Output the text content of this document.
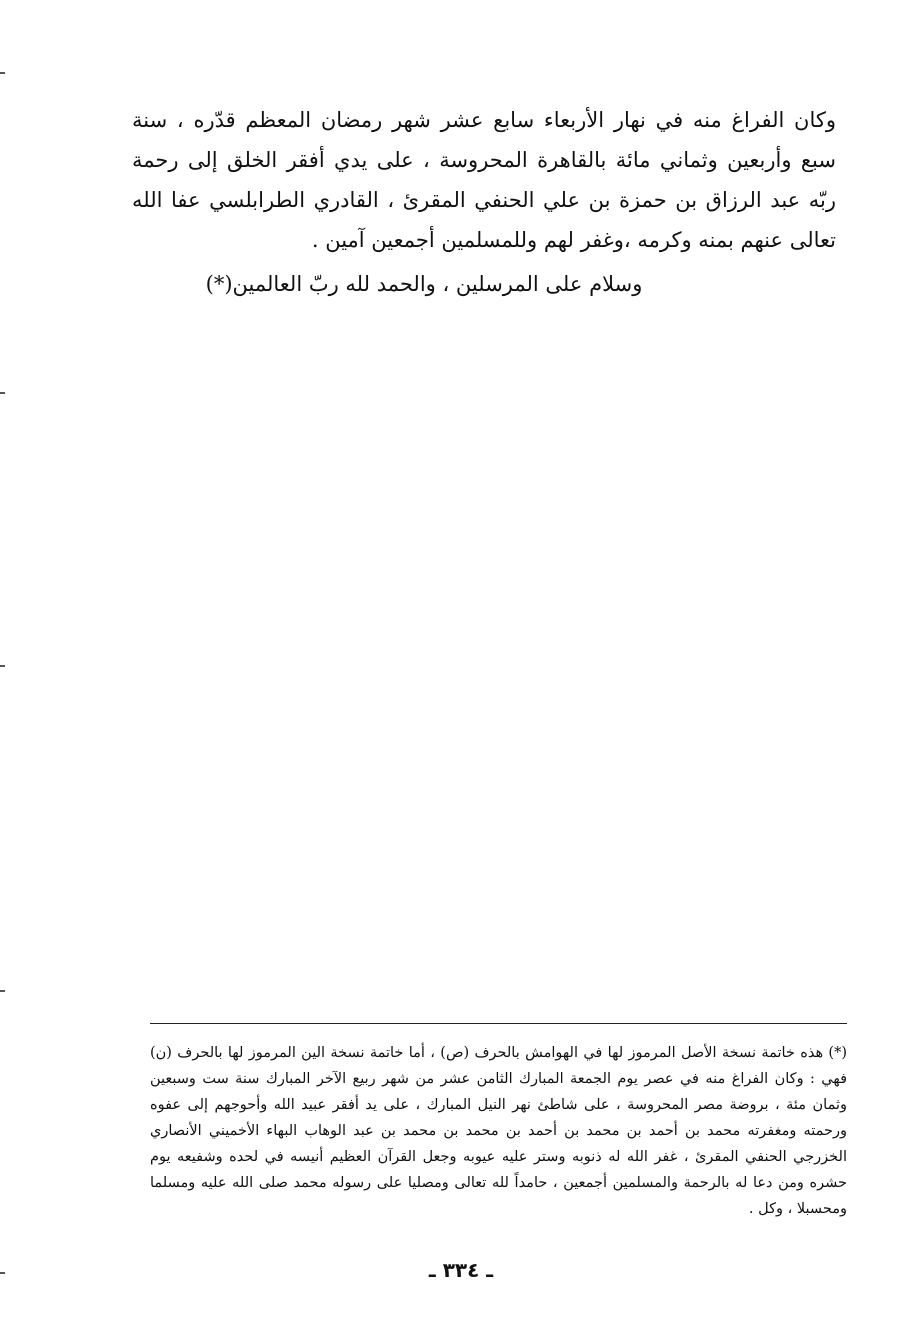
وكان الفراغ منه في نهار الأربعاء سابع عشر شهر رمضان المعظم قدّره ، سنة سبع وأربعين وثماني مائة بالقاهرة المحروسة ، على يدي أفقر الخلق إلى رحمة ربّه عبد الرزاق بن حمزة بن علي الحنفي المقرئ ، القادري الطرابلسي عفا الله تعالى عنهم بمنه وكرمه ،وغفر لهم وللمسلمين أجمعين آمين .

وسلام على المرسلين ، والحمد لله ربّ العالمين(*)

(*) هذه خاتمة نسخة الأصل المرموز لها في الهوامش بالحرف (ص) ، أما خاتمة نسخة الين المرموز لها بالحرف (ن) فهي : وكان الفراغ منه في عصر يوم الجمعة المبارك الثامن عشر من شهر ربيع الآخر المبارك سنة ست وسبعين وثمان مئة ، بروضة مصر المحروسة ، على شاطئ نهر النيل المبارك ، على يد أفقر عبيد الله وأحوجهم إلى عفوه ورحمته ومغفرته محمد بن أحمد بن محمد بن أحمد بن محمد بن محمد بن عبد الوهاب البهاء الأخميني الأنصاري الخزرجي الحنفي المقرئ ، غفر الله له ذنوبه وستر عليه عيوبه وجعل القرآن العظيم أنيسه في لحده وشفيعه يوم حشره ومن دعا له بالرحمة والمسلمين أجمعين ، حامداً لله تعالى ومصليا على رسوله محمد صلى الله عليه ومسلما ومحسبلا ، وكل .

ـ ٣٣٤ ـ
